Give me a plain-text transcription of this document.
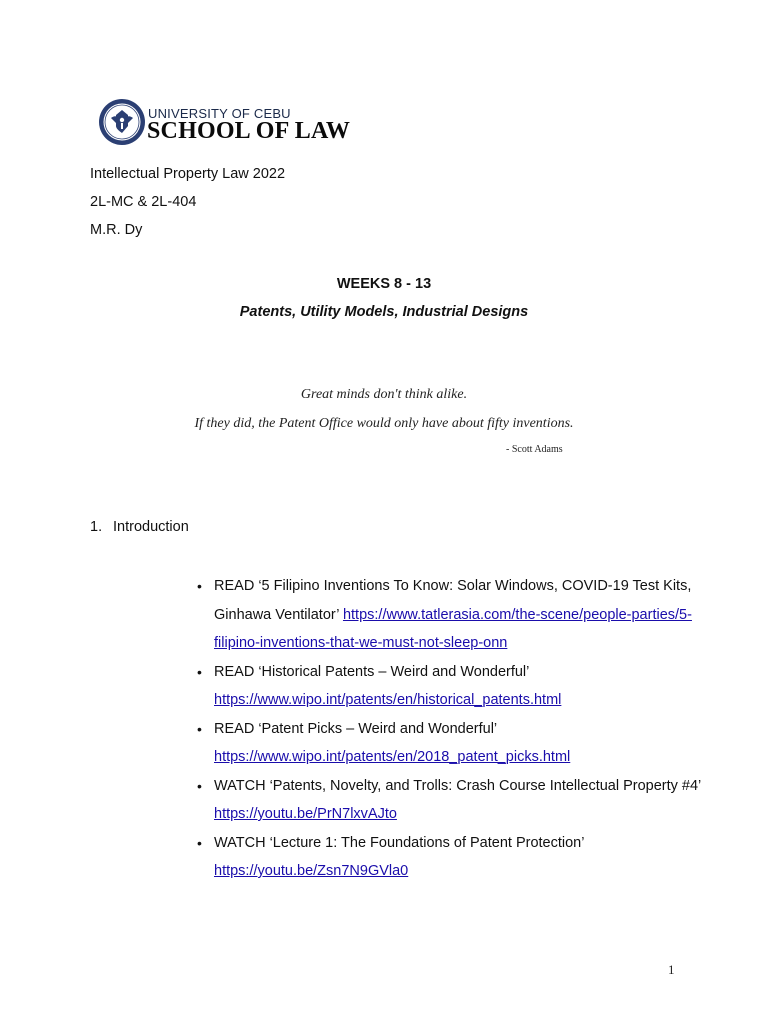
UNIVERSITY OF CEBU
SCHOOL OF LAW
Intellectual Property Law 2022
2L-MC & 2L-404
M.R. Dy
WEEKS 8 - 13
Patents, Utility Models, Industrial Designs
Great minds don't think alike.
If they did, the Patent Office would only have about fifty inventions.
- Scott Adams
1. Introduction
• READ ‘5 Filipino Inventions To Know: Solar Windows, COVID-19 Test Kits, Ginhawa Ventilator’ https://www.tatlerasia.com/the-scene/people-parties/5-filipino-inventions-that-we-must-not-sleep-onn
• READ ‘Historical Patents – Weird and Wonderful’
https://www.wipo.int/patents/en/historical_patents.html
• READ ‘Patent Picks – Weird and Wonderful’
https://www.wipo.int/patents/en/2018_patent_picks.html
• WATCH ‘Patents, Novelty, and Trolls: Crash Course Intellectual Property #4’ https://youtu.be/PrN7lxvAJto
• WATCH ‘Lecture 1: The Foundations of Patent Protection’
https://youtu.be/Zsn7N9GVla0
1
